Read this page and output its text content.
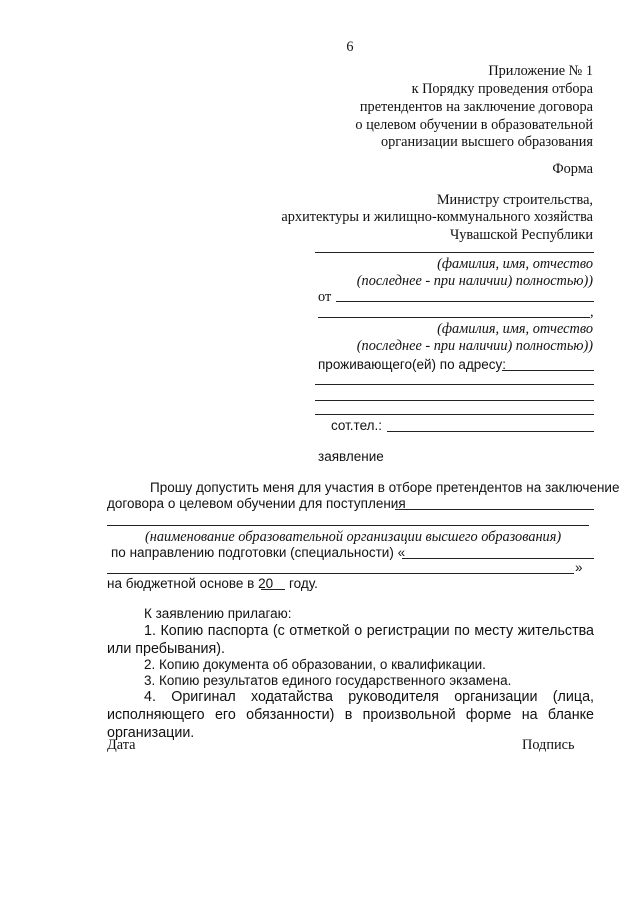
6
Приложение № 1
к Порядку проведения отбора
претендентов на заключение договора
о целевом обучении в образовательной
организации высшего образования
Форма
Министру строительства,
архитектуры и жилищно-коммунального хозяйства
Чувашской Республики
(фамилия, имя, отчество
(последнее - при наличии) полностью))
от
,
(фамилия, имя, отчество
(последнее - при наличии) полностью))
проживающего(ей) по адресу:
сот.тел.:
заявление
Прошу допустить меня для участия в отборе претендентов на заключение
договора о целевом обучении для поступления
(наименование образовательной организации высшего образования)
по направлению подготовки (специальности) «
»
на бюджетной основе в 20 году.
К заявлению прилагаю:
1. Копию паспорта (с отметкой о регистрации по месту жительства или пребывания).
2. Копию документа об образовании, о квалификации.
3. Копию результатов единого государственного экзамена.
4. Оригинал ходатайства руководителя организации (лица, исполняющего его обязанности) в произвольной форме на бланке организации.
Дата	Подпись
